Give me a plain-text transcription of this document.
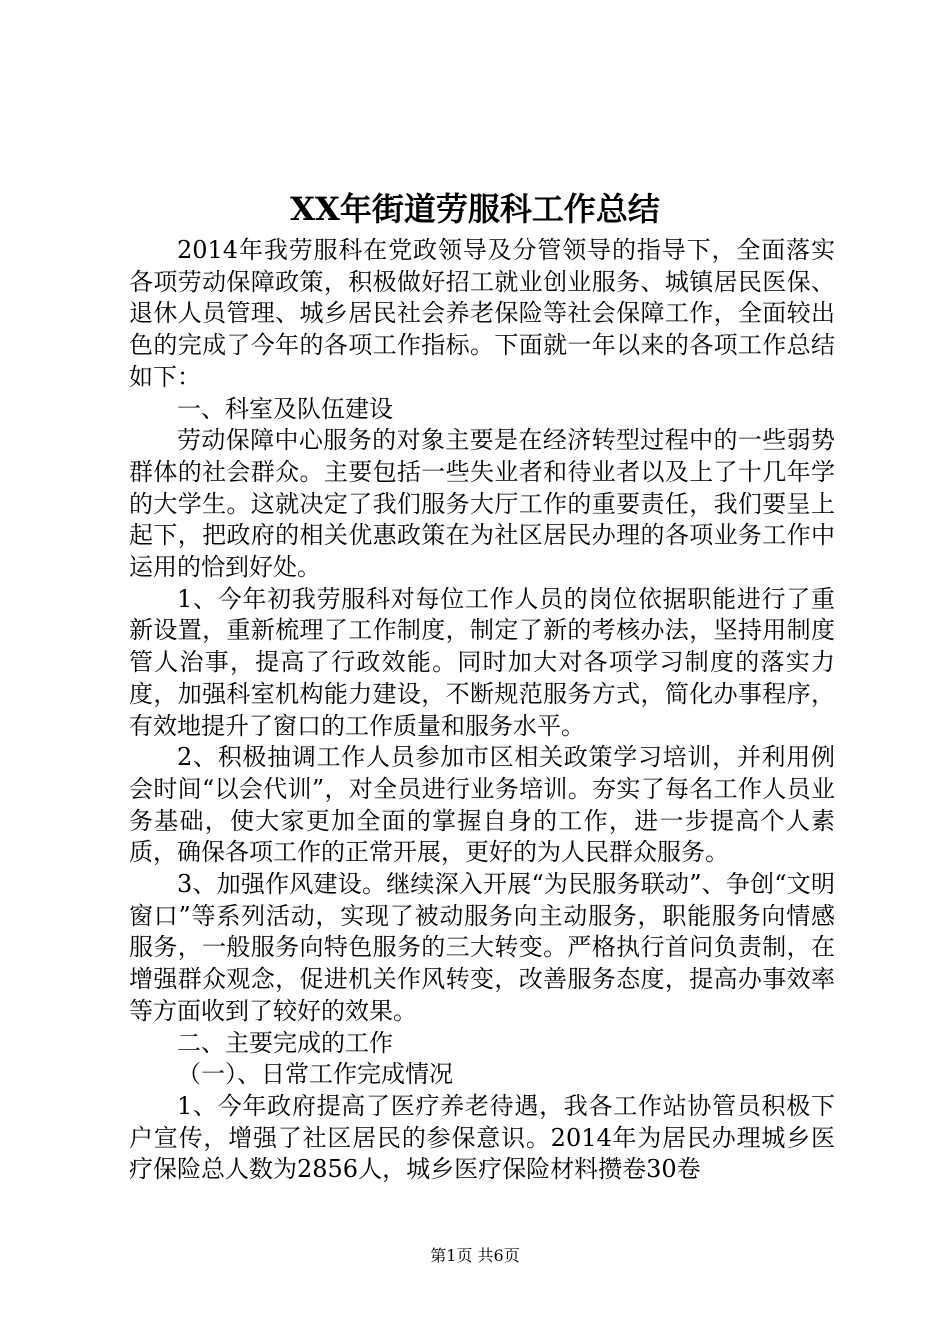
XX年街道劳服科工作总结

2014年我劳服科在党政领导及分管领导的指导下，全面落实各项劳动保障政策，积极做好招工就业创业服务、城镇居民医保、退休人员管理、城乡居民社会养老保险等社会保障工作，全面较出色的完成了今年的各项工作指标。下面就一年以来的各项工作总结如下：

一、科室及队伍建设

劳动保障中心服务的对象主要是在经济转型过程中的一些弱势群体的社会群众。主要包括一些失业者和待业者以及上了十几年学的大学生。这就决定了我们服务大厅工作的重要责任，我们要呈上起下，把政府的相关优惠政策在为社区居民办理的各项业务工作中运用的恰到好处。

1、今年初我劳服科对每位工作人员的岗位依据职能进行了重新设置，重新梳理了工作制度，制定了新的考核办法，坚持用制度管人治事，提高了行政效能。同时加大对各项学习制度的落实力度，加强科室机构能力建设，不断规范服务方式，简化办事程序，有效地提升了窗口的工作质量和服务水平。

2、积极抽调工作人员参加市区相关政策学习培训，并利用例会时间“以会代训”，对全员进行业务培训。夯实了每名工作人员业务基础，使大家更加全面的掌握自身的工作，进一步提高个人素质，确保各项工作的正常开展，更好的为人民群众服务。

3、加强作风建设。继续深入开展“为民服务联动”、争创“文明窗口”等系列活动，实现了被动服务向主动服务，职能服务向情感服务，一般服务向特色服务的三大转变。严格执行首问负责制，在增强群众观念，促进机关作风转变，改善服务态度，提高办事效率等方面收到了较好的效果。

二、主要完成的工作

（一）、日常工作完成情况

1、今年政府提高了医疗养老待遇，我各工作站协管员积极下户宣传，增强了社区居民的参保意识。2014年为居民办理城乡医疗保险总人数为2856人，城乡医疗保险材料攒卷30卷

第1页 共6页
